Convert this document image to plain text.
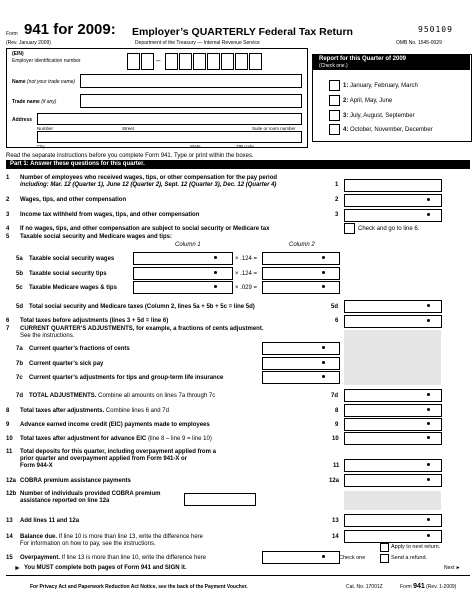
Form 941 for 2009: Employer’s QUARTERLY Federal Tax Return
(Rev. January 2009)	Department of the Treasury — Internal Revenue Service
950109
OMB No. 1545-0029
(EIN)
Employer identification number	–
Name (not your trade name)
Trade name (if any)
Address
Number	Street	Suite or room number
City	State	ZIP code
Report for this Quarter of 2009
(Check one.)
1: January, February, March
2: April, May, June
3: July, August, September
4: October, November, December
Read the separate instructions before you complete Form 941. Type or print within the boxes.
Part 1: Answer these questions for this quarter.
1 Number of employees who received wages, tips, or other compensation for the pay period
including: Mar. 12 (Quarter 1), June 12 (Quarter 2), Sept. 12 (Quarter 3), Dec. 12 (Quarter 4)	1
2 Wages, tips, and other compensation	2
3 Income tax withheld from wages, tips, and other compensation	3
4 If no wages, tips, and other compensation are subject to social security or Medicare tax	Check and go to line 6.
5 Taxable social security and Medicare wages and tips:
Column 1	Column 2
5a Taxable social security wages	× .124 =
5b Taxable social security tips	× .124 =
5c Taxable Medicare wages & tips	× .029 =
5d Total social security and Medicare taxes (Column 2, lines 5a + 5b + 5c = line 5d)	5d
6 Total taxes before adjustments (lines 3 + 5d = line 6)	6
7 CURRENT QUARTER’S ADJUSTMENTS, for example, a fractions of cents adjustment.
See the instructions.
7a Current quarter’s fractions of cents
7b Current quarter’s sick pay
7c Current quarter’s adjustments for tips and group-term life insurance
7d TOTAL ADJUSTMENTS. Combine all amounts on lines 7a through 7c	7d
8 Total taxes after adjustments. Combine lines 6 and 7d	8
9 Advance earned income credit (EIC) payments made to employees	9
10 Total taxes after adjustment for advance EIC (line 8 – line 9 = line 10)	10
11 Total deposits for this quarter, including overpayment applied from a
prior quarter and overpayment applied from Form 941-X or
Form 944-X	11
12a COBRA premium assistance payments	12a
12b Number of individuals provided COBRA premium
assistance reported on line 12a
13 Add lines 11 and 12a	13
14 Balance due. If line 10 is more than line 13, write the difference here
For information on how to pay, see the instructions.
14
15 Overpayment. If line 13 is more than line 10, write the difference here	Check one
Apply to next return.
Send a refund.
► You MUST complete both pages of Form 941 and SIGN it.	Next ►
For Privacy Act and Paperwork Reduction Act Notice, see the back of the Payment Voucher.	Cat. No. 17001Z	Form 941 (Rev. 1-2009)
